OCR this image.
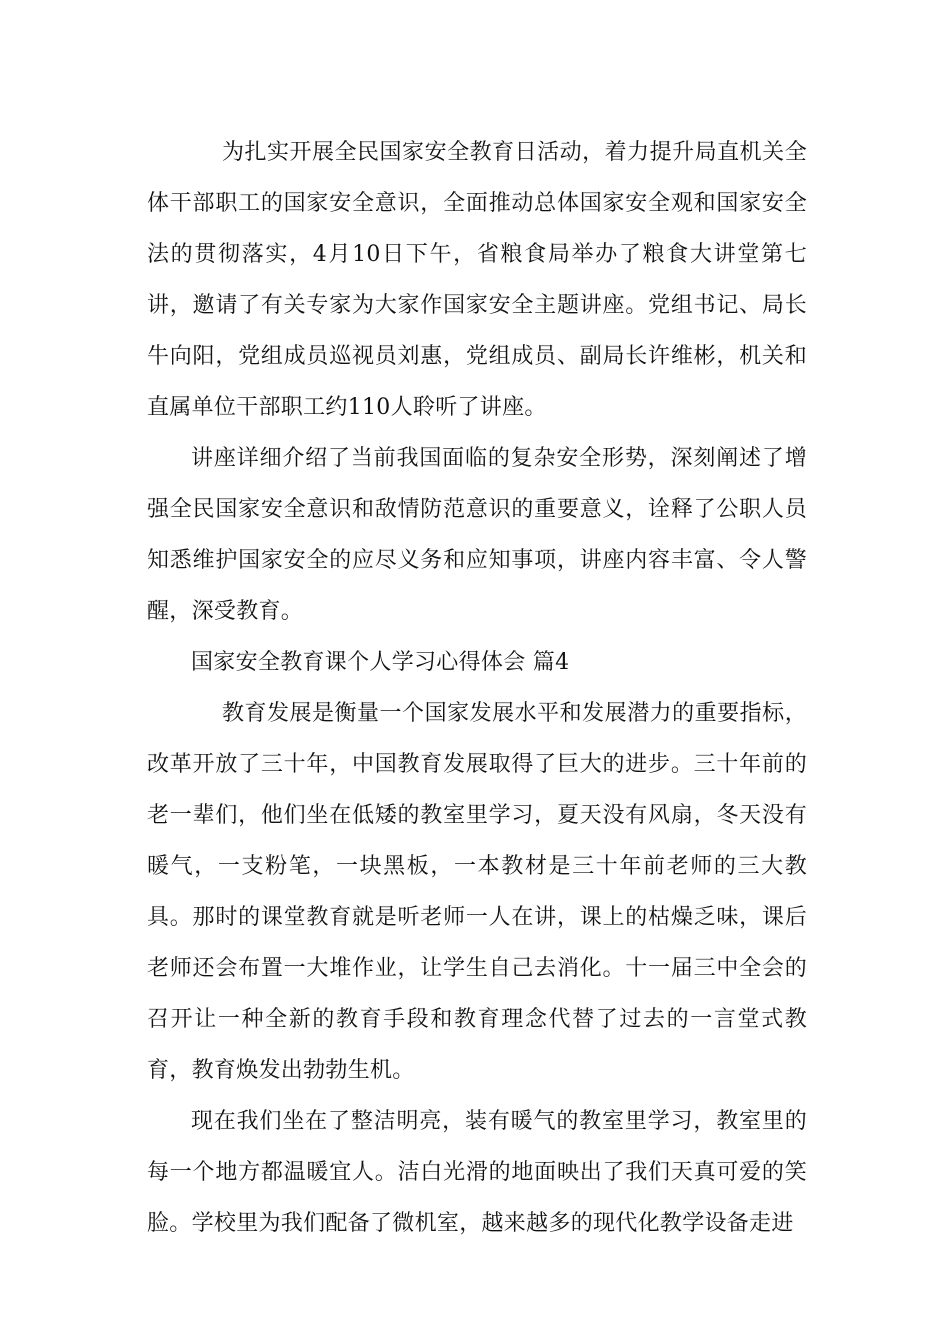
为扎实开展全民国家安全教育日活动，着力提升局直机关全体干部职工的国家安全意识，全面推动总体国家安全观和国家安全法的贯彻落实，4月10日下午，省粮食局举办了粮食大讲堂第七讲，邀请了有关专家为大家作国家安全主题讲座。党组书记、局长牛向阳，党组成员巡视员刘惠，党组成员、副局长许维彬，机关和直属单位干部职工约110人聆听了讲座。

讲座详细介绍了当前我国面临的复杂安全形势，深刻阐述了增强全民国家安全意识和敌情防范意识的重要意义，诠释了公职人员知悉维护国家安全的应尽义务和应知事项，讲座内容丰富、令人警醒，深受教育。

国家安全教育课个人学习心得体会 篇4

教育发展是衡量一个国家发展水平和发展潜力的重要指标，改革开放了三十年，中国教育发展取得了巨大的进步。三十年前的老一辈们，他们坐在低矮的教室里学习，夏天没有风扇，冬天没有暖气，一支粉笔，一块黑板，一本教材是三十年前老师的三大教具。那时的课堂教育就是听老师一人在讲，课上的枯燥乏味，课后老师还会布置一大堆作业，让学生自己去消化。十一届三中全会的召开让一种全新的教育手段和教育理念代替了过去的一言堂式教育，教育焕发出勃勃生机。

现在我们坐在了整洁明亮，装有暖气的教室里学习，教室里的每一个地方都温暖宜人。洁白光滑的地面映出了我们天真可爱的笑脸。学校里为我们配备了微机室，越来越多的现代化教学设备走进
